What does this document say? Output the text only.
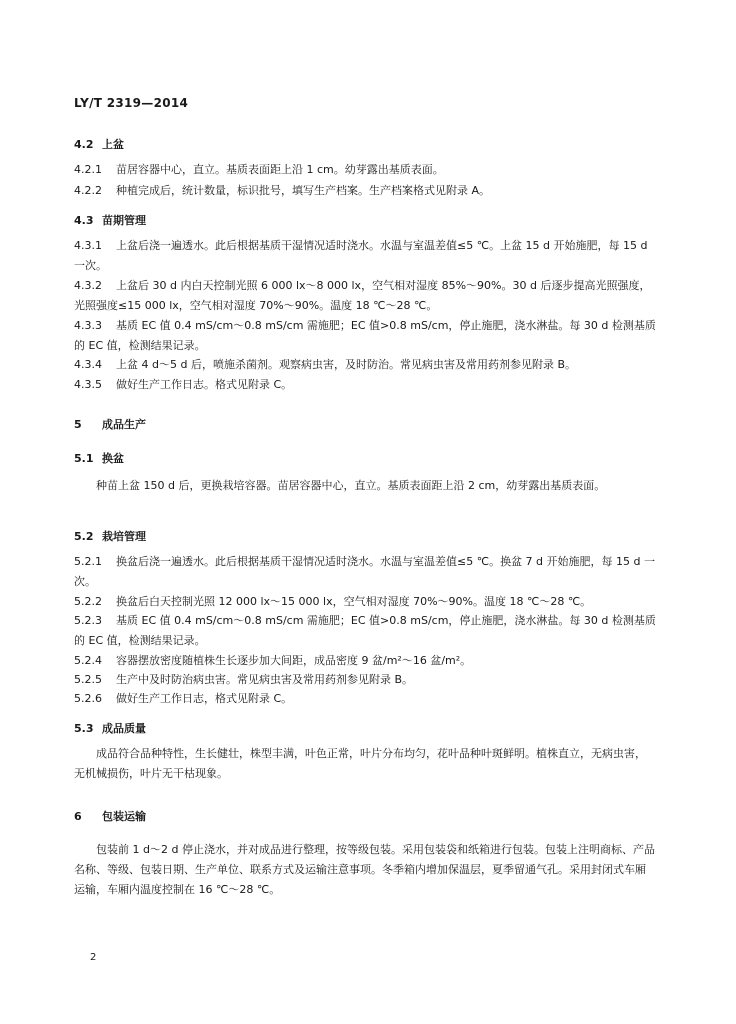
LY/T 2319—2014
4.2 上盆
4.2.1 苗居容器中心，直立。基质表面距上沿 1 cm。幼芽露出基质表面。
4.2.2 种植完成后，统计数量，标识批号，填写生产档案。生产档案格式见附录 A。
4.3 苗期管理
4.3.1 上盆后浇一遍透水。此后根据基质干湿情况适时浇水。水温与室温差值≤5 ℃。上盆 15 d 开始施肥，每 15 d 一次。
4.3.2 上盆后 30 d 内白天控制光照 6 000 lx～8 000 lx，空气相对湿度 85%～90%。30 d 后逐步提高光照强度，光照强度≤15 000 lx，空气相对湿度 70%～90%。温度 18 ℃～28 ℃。
4.3.3 基质 EC 值 0.4 mS/cm～0.8 mS/cm 需施肥；EC 值>0.8 mS/cm，停止施肥，浇水淋盐。每 30 d 检测基质的 EC 值，检测结果记录。
4.3.4 上盆 4 d～5 d 后，喷施杀菌剂。观察病虫害，及时防治。常见病虫害及常用药剂参见附录 B。
4.3.5 做好生产工作日志。格式见附录 C。
5 成品生产
5.1 换盆
种苗上盆 150 d 后，更换栽培容器。苗居容器中心，直立。基质表面距上沿 2 cm，幼芽露出基质表面。
5.2 栽培管理
5.2.1 换盆后浇一遍透水。此后根据基质干湿情况适时浇水。水温与室温差值≤5 ℃。换盆 7 d 开始施肥，每 15 d 一次。
5.2.2 换盆后白天控制光照 12 000 lx～15 000 lx，空气相对湿度 70%～90%。温度 18 ℃～28 ℃。
5.2.3 基质 EC 值 0.4 mS/cm～0.8 mS/cm 需施肥；EC 值>0.8 mS/cm，停止施肥，浇水淋盐。每 30 d 检测基质的 EC 值，检测结果记录。
5.2.4 容器摆放密度随植株生长逐步加大间距，成品密度 9 盆/m²～16 盆/m²。
5.2.5 生产中及时防治病虫害。常见病虫害及常用药剂参见附录 B。
5.2.6 做好生产工作日志，格式见附录 C。
5.3 成品质量
成品符合品种特性，生长健壮，株型丰满，叶色正常，叶片分布均匀，花叶品种叶斑鲜明。植株直立，无病虫害，无机械损伤，叶片无干枯现象。
6 包装运输
包装前 1 d～2 d 停止浇水，并对成品进行整理，按等级包装。采用包装袋和纸箱进行包装。包装上注明商标、产品名称、等级、包装日期、生产单位、联系方式及运输注意事项。冬季箱内增加保温层，夏季留通气孔。采用封闭式车厢运输，车厢内温度控制在 16 ℃～28 ℃。
2
